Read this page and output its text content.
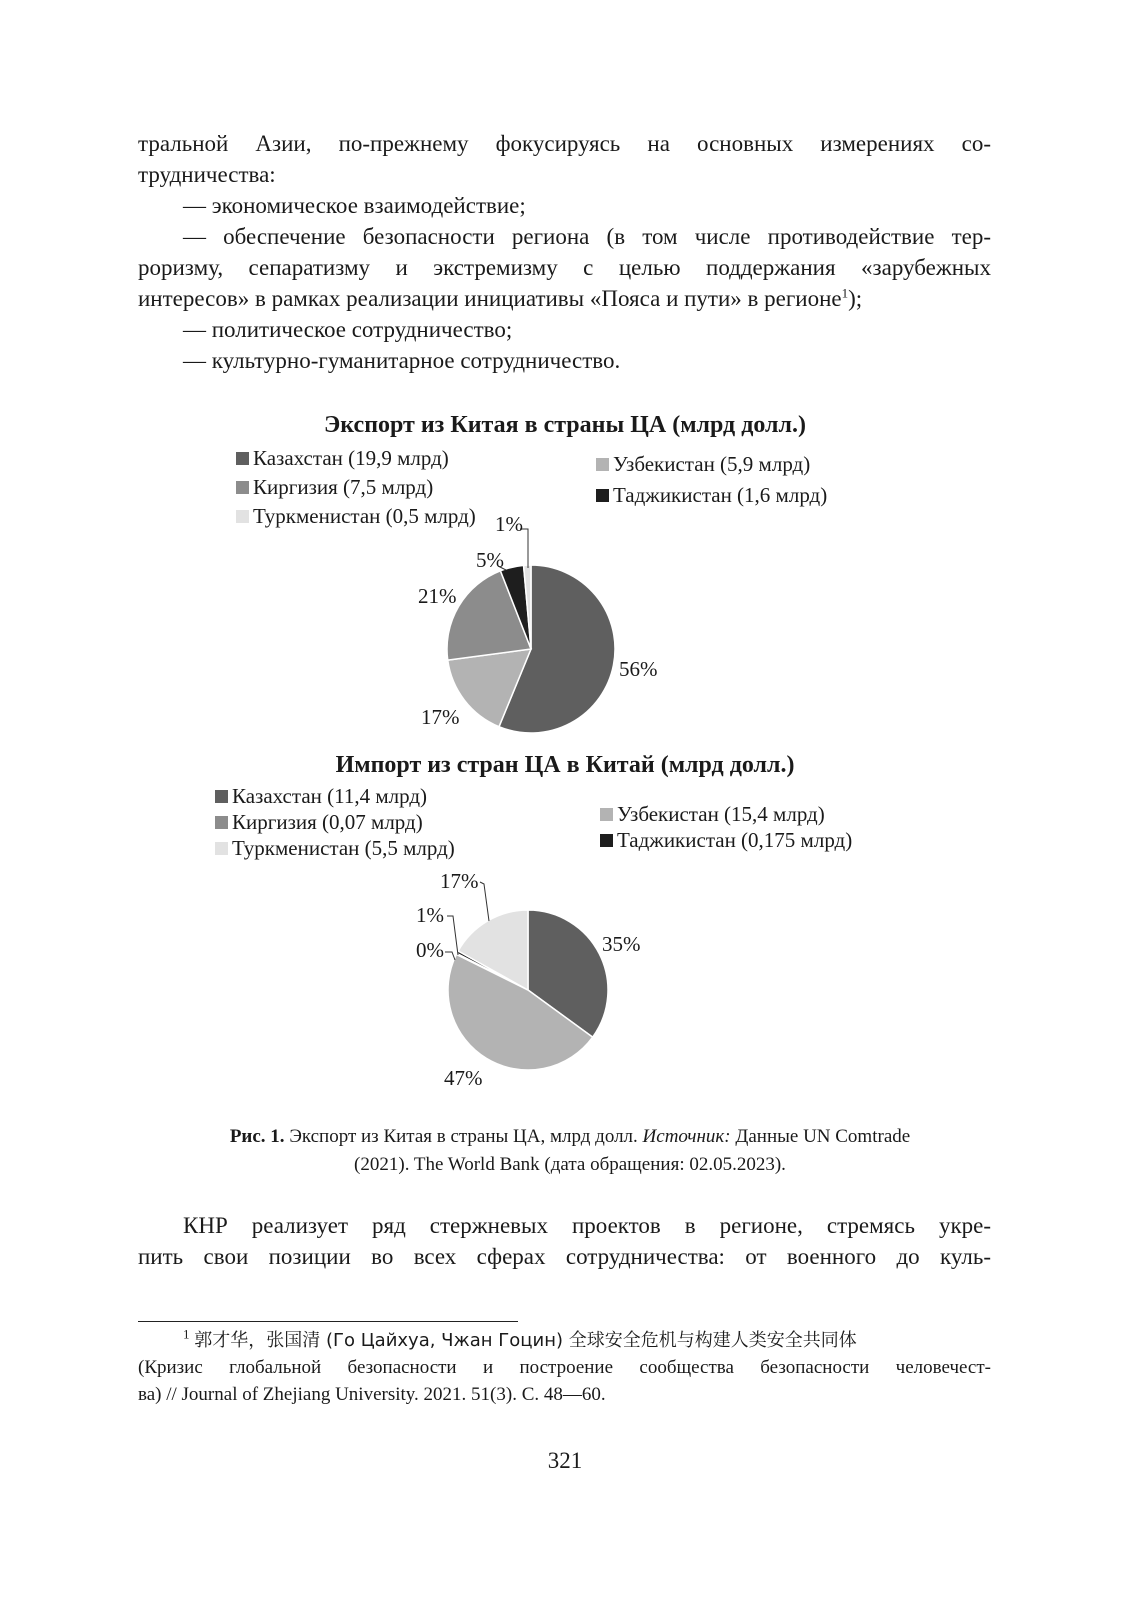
тральной Азии, по-прежнему фокусируясь на основных измерениях со-

трудничества:

— экономическое взаимодействие;

— обеспечение безопасности региона (в том числе противодействие тер-

роризму, сепаратизму и экстремизму с целью поддержания «зарубежных

интересов» в рамках реализации инициативы «Пояса и пути» в регионе$^1$);

— политическое сотрудничество;

— культурно-гуманитарное сотрудничество.

Экспорт из Китая в страны ЦА (млрд долл.)
Казахстан (19,9 млрд)	Узбекистан (5,9 млрд)
Киргизия (7,5 млрд)	Таджикистан (1,6 млрд)
Туркменистан (0,5 млрд)
Импорт из стран ЦА в Китай (млрд долл.)
Казахстан (11,4 млрд)
Узбекистан (15,4 млрд)
Киргизия (0,07 млрд)
Таджикистан (0,175 млрд)
Туркменистан (5,5 млрд)
56%
17%
21%
5%
1%
35%
47%
0%
1%
17%
Рис. 1. Экспорт из Китая в страны ЦА, млрд долл. Источник: Данные UN Comtrade
(2021). The World Bank (дата обращения: 02.05.2023).

КНР реализует ряд стержневых проектов в регионе, стремясь укре-

пить свои позиции во всех сферах сотрудничества: от военного до куль-

$^1$ 郭才华，张国清 (Го Цайхуа, Чжан Гоцин) 全球安全危机与构建人类安全共同体
(Кризис глобальной безопасности и построение сообщества безопасности человечест-
ва) // Journal of Zhejiang University. 2021. 51(3). С. 48—60.
321
